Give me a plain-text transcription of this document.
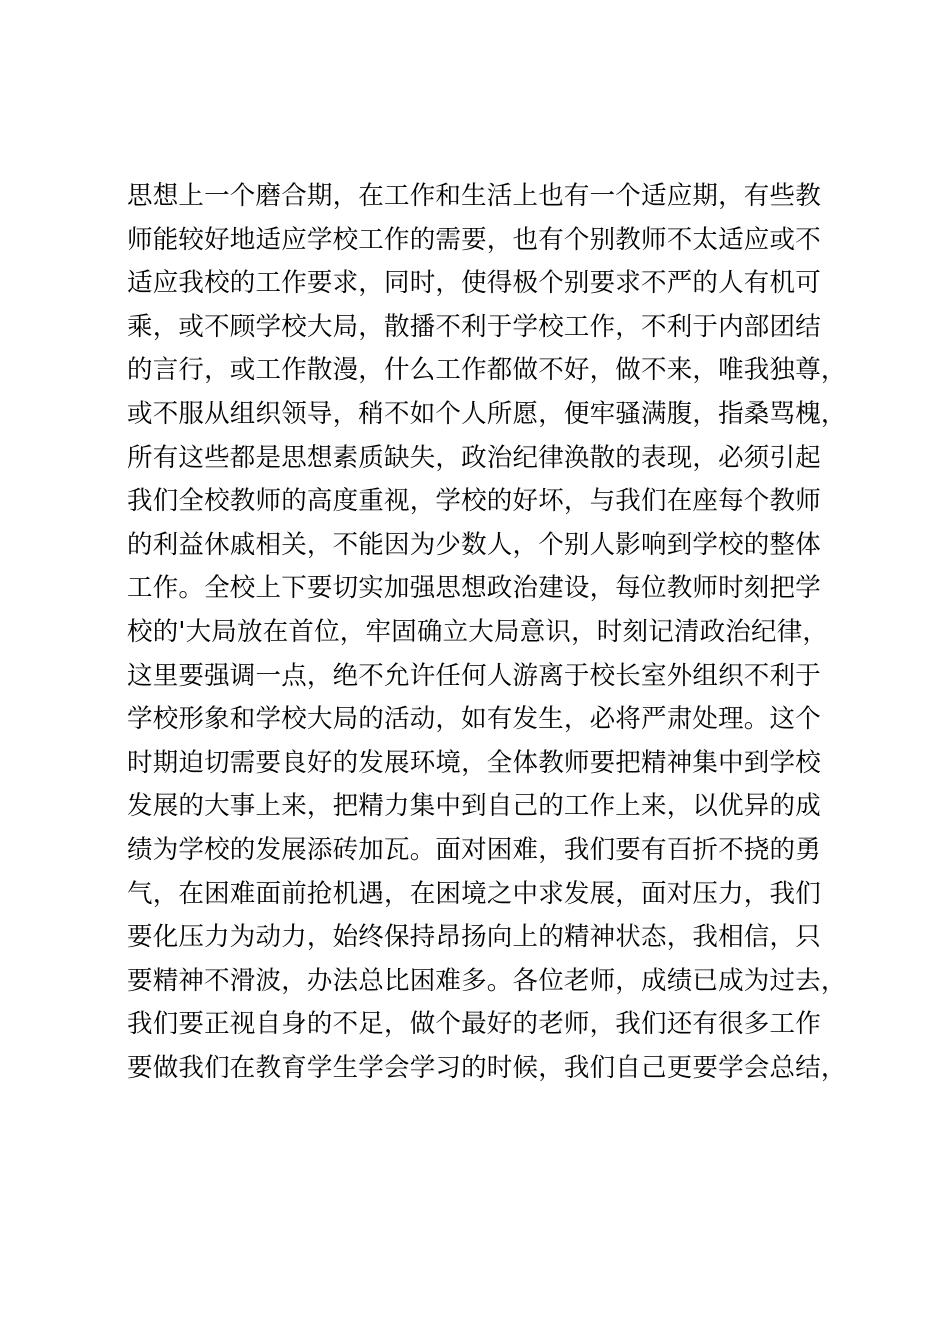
思想上一个磨合期，在工作和生活上也有一个适应期，有些教
师能较好地适应学校工作的需要，也有个别教师不太适应或不
适应我校的工作要求，同时，使得极个别要求不严的人有机可
乘，或不顾学校大局，散播不利于学校工作，不利于内部团结
的言行，或工作散漫，什么工作都做不好，做不来，唯我独尊，
或不服从组织领导，稍不如个人所愿，便牢骚满腹，指桑骂槐，
所有这些都是思想素质缺失，政治纪律涣散的表现，必须引起
我们全校教师的高度重视，学校的好坏，与我们在座每个教师
的利益休戚相关，不能因为少数人，个别人影响到学校的整体
工作。全校上下要切实加强思想政治建设，每位教师时刻把学
校的'大局放在首位，牢固确立大局意识，时刻记清政治纪律，
这里要强调一点，绝不允许任何人游离于校长室外组织不利于
学校形象和学校大局的活动，如有发生，必将严肃处理。这个
时期迫切需要良好的发展环境，全体教师要把精神集中到学校
发展的大事上来，把精力集中到自己的工作上来，以优异的成
绩为学校的发展添砖加瓦。面对困难，我们要有百折不挠的勇
气，在困难面前抢机遇，在困境之中求发展，面对压力，我们
要化压力为动力，始终保持昂扬向上的精神状态，我相信，只
要精神不滑波，办法总比困难多。各位老师，成绩已成为过去，
我们要正视自身的不足，做个最好的老师，我们还有很多工作
要做我们在教育学生学会学习的时候，我们自己更要学会总结，
